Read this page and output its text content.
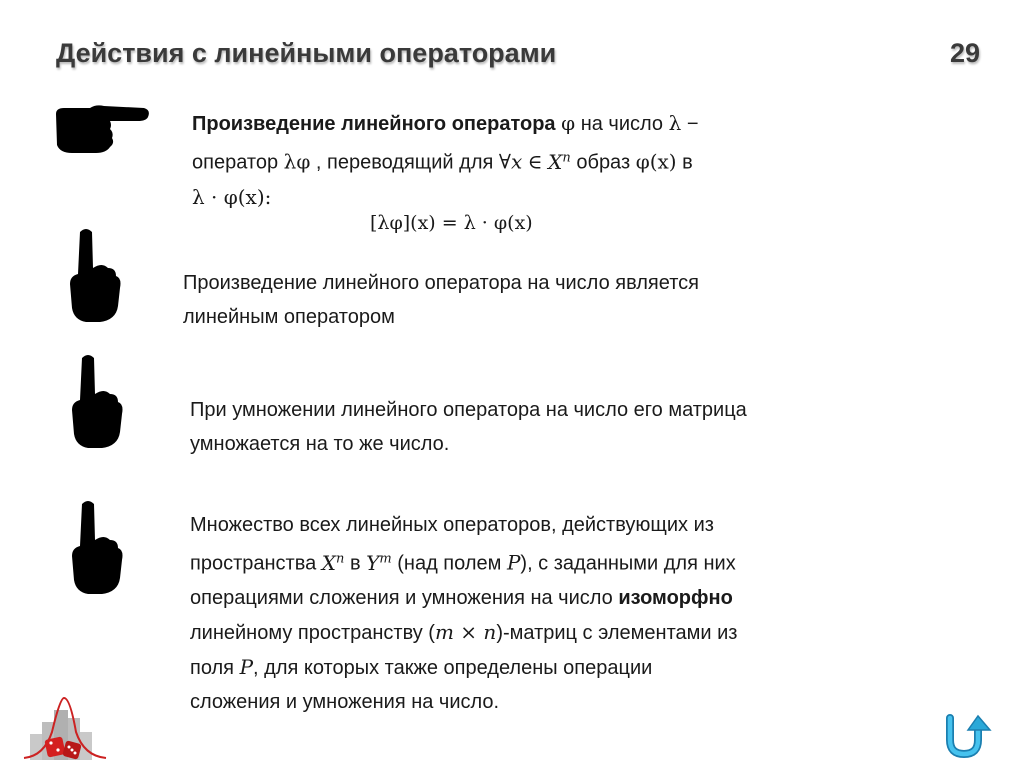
Действия с линейными операторами	29
Произведение линейного оператора φ на число λ −
оператор λφ , переводящий для ∀x ∈ $X^n$ образ φ(x) в
λ · φ(x):
[λφ](x) = λ · φ(x)
Произведение линейного оператора на число является
линейным оператором
При умножении линейного оператора на число его матрица
умножается на то же число.
Множество всех линейных операторов, действующих из
пространства $X^n$ в $Y^m$ (над полем P), с заданными для них
операциями сложения и умножения на число изоморфно
линейному пространству (m × n)-матриц с элементами из
поля P, для которых также определены операции
сложения и умножения на число.
